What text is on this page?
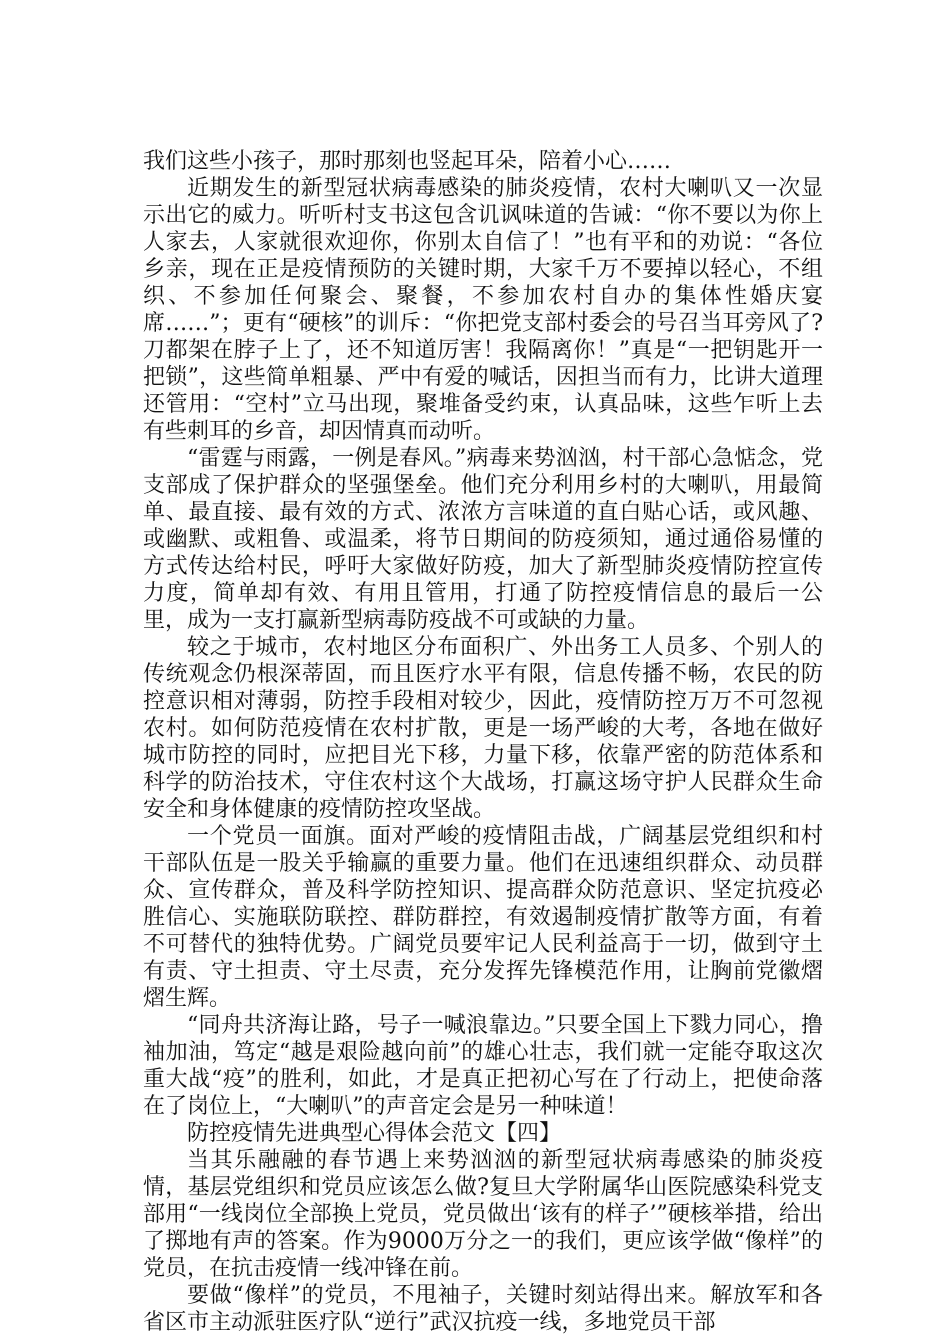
我们这些小孩子，那时那刻也竖起耳朵，陪着小心……

近期发生的新型冠状病毒感染的肺炎疫情，农村大喇叭又一次显示出它的威力。听听村支书这包含讥讽味道的告诫：“你不要以为你上人家去，人家就很欢迎你，你别太自信了！”也有平和的劝说：“各位乡亲，现在正是疫情预防的关键时期，大家千万不要掉以轻心，不组织、不参加任何聚会、聚餐，不参加农村自办的集体性婚庆宴席……”；更有“硬核”的训斥：“你把党支部村委会的号召当耳旁风了?刀都架在脖子上了，还不知道厉害！我隔离你！”真是“一把钥匙开一把锁”，这些简单粗暴、严中有爱的喊话，因担当而有力，比讲大道理还管用：“空村”立马出现，聚堆备受约束，认真品味，这些乍听上去有些刺耳的乡音，却因情真而动听。

“雷霆与雨露，一例是春风。”病毒来势汹汹，村干部心急惦念，党支部成了保护群众的坚强堡垒。他们充分利用乡村的大喇叭，用最简单、最直接、最有效的方式、浓浓方言味道的直白贴心话，或风趣、或幽默、或粗鲁、或温柔，将节日期间的防疫须知，通过通俗易懂的方式传达给村民，呼吁大家做好防疫，加大了新型肺炎疫情防控宣传力度，简单却有效、有用且管用，打通了防控疫情信息的最后一公里，成为一支打赢新型病毒防疫战不可或缺的力量。

较之于城市，农村地区分布面积广、外出务工人员多、个别人的传统观念仍根深蒂固，而且医疗水平有限，信息传播不畅，农民的防控意识相对薄弱，防控手段相对较少，因此，疫情防控万万不可忽视农村。如何防范疫情在农村扩散，更是一场严峻的大考，各地在做好城市防控的同时，应把目光下移，力量下移，依靠严密的防范体系和科学的防治技术，守住农村这个大战场，打赢这场守护人民群众生命安全和身体健康的疫情防控攻坚战。

一个党员一面旗。面对严峻的疫情阻击战，广阔基层党组织和村干部队伍是一股关乎输赢的重要力量。他们在迅速组织群众、动员群众、宣传群众，普及科学防控知识、提高群众防范意识、坚定抗疫必胜信心、实施联防联控、群防群控，有效遏制疫情扩散等方面，有着不可替代的独特优势。广阔党员要牢记人民利益高于一切，做到守土有责、守土担责、守土尽责，充分发挥先锋模范作用，让胸前党徽熠熠生辉。

“同舟共济海让路，号子一喊浪靠边。”只要全国上下戮力同心，撸袖加油，笃定“越是艰险越向前”的雄心壮志，我们就一定能夺取这次重大战“疫”的胜利，如此，才是真正把初心写在了行动上，把使命落在了岗位上，“大喇叭”的声音定会是另一种味道！

防控疫情先进典型心得体会范文【四】

当其乐融融的春节遇上来势汹汹的新型冠状病毒感染的肺炎疫情，基层党组织和党员应该怎么做?复旦大学附属华山医院感染科党支部用“一线岗位全部换上党员，党员做出‘该有的样子’”硬核举措，给出了掷地有声的答案。作为9000万分之一的我们，更应该学做“像样”的党员，在抗击疫情一线冲锋在前。

要做“像样”的党员，不甩袖子，关键时刻站得出来。解放军和各省区市主动派驻医疗队“逆行”武汉抗疫一线，多地党员干部
